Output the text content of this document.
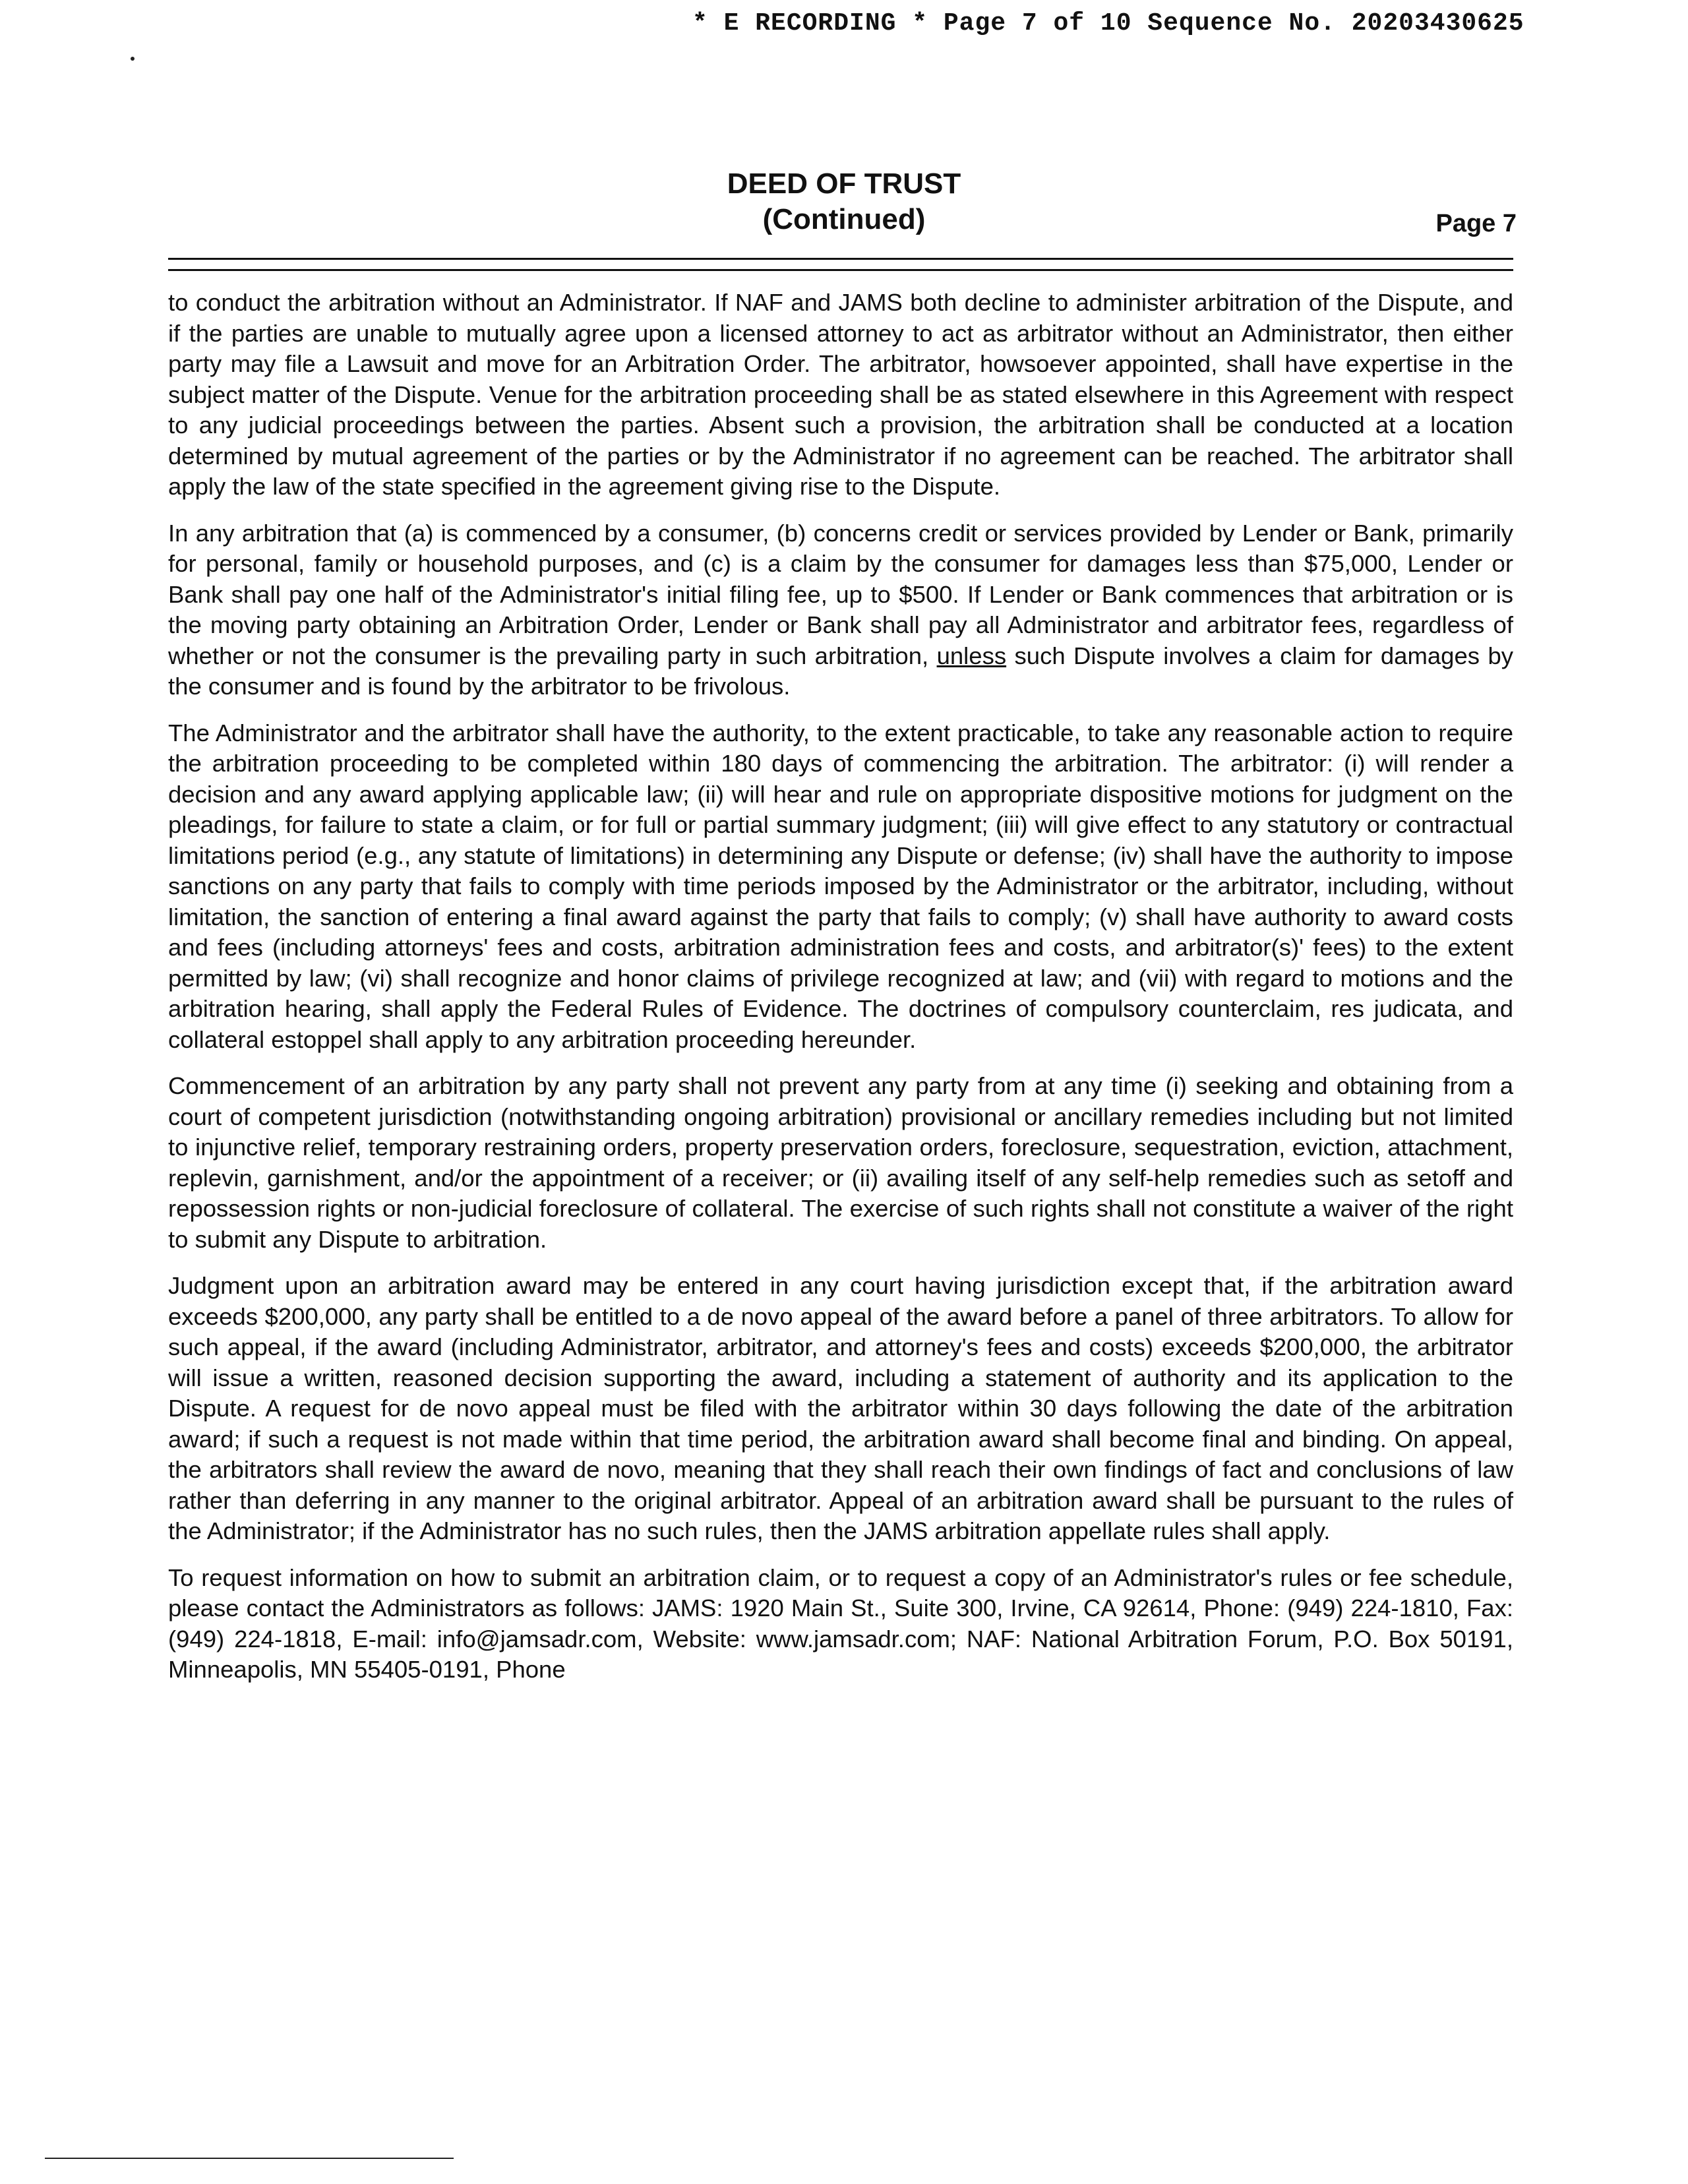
* E RECORDING * Page 7 of 10 Sequence No. 20203430625
DEED OF TRUST
(Continued)	Page 7

to conduct the arbitration without an Administrator. If NAF and JAMS both decline to administer arbitration of the Dispute, and if the parties are unable to mutually agree upon a licensed attorney to act as arbitrator without an Administrator, then either party may file a Lawsuit and move for an Arbitration Order. The arbitrator, howsoever appointed, shall have expertise in the subject matter of the Dispute. Venue for the arbitration proceeding shall be as stated elsewhere in this Agreement with respect to any judicial proceedings between the parties. Absent such a provision, the arbitration shall be conducted at a location determined by mutual agreement of the parties or by the Administrator if no agreement can be reached. The arbitrator shall apply the law of the state specified in the agreement giving rise to the Dispute.

In any arbitration that (a) is commenced by a consumer, (b) concerns credit or services provided by Lender or Bank, primarily for personal, family or household purposes, and (c) is a claim by the consumer for damages less than $75,000, Lender or Bank shall pay one half of the Administrator's initial filing fee, up to $500. If Lender or Bank commences that arbitration or is the moving party obtaining an Arbitration Order, Lender or Bank shall pay all Administrator and arbitrator fees, regardless of whether or not the consumer is the prevailing party in such arbitration, unless such Dispute involves a claim for damages by the consumer and is found by the arbitrator to be frivolous.

The Administrator and the arbitrator shall have the authority, to the extent practicable, to take any reasonable action to require the arbitration proceeding to be completed within 180 days of commencing the arbitration. The arbitrator: (i) will render a decision and any award applying applicable law; (ii) will hear and rule on appropriate dispositive motions for judgment on the pleadings, for failure to state a claim, or for full or partial summary judgment; (iii) will give effect to any statutory or contractual limitations period (e.g., any statute of limitations) in determining any Dispute or defense; (iv) shall have the authority to impose sanctions on any party that fails to comply with time periods imposed by the Administrator or the arbitrator, including, without limitation, the sanction of entering a final award against the party that fails to comply; (v) shall have authority to award costs and fees (including attorneys' fees and costs, arbitration administration fees and costs, and arbitrator(s)' fees) to the extent permitted by law; (vi) shall recognize and honor claims of privilege recognized at law; and (vii) with regard to motions and the arbitration hearing, shall apply the Federal Rules of Evidence. The doctrines of compulsory counterclaim, res judicata, and collateral estoppel shall apply to any arbitration proceeding hereunder.

Commencement of an arbitration by any party shall not prevent any party from at any time (i) seeking and obtaining from a court of competent jurisdiction (notwithstanding ongoing arbitration) provisional or ancillary remedies including but not limited to injunctive relief, temporary restraining orders, property preservation orders, foreclosure, sequestration, eviction, attachment, replevin, garnishment, and/or the appointment of a receiver; or (ii) availing itself of any self-help remedies such as setoff and repossession rights or non-judicial foreclosure of collateral. The exercise of such rights shall not constitute a waiver of the right to submit any Dispute to arbitration.

Judgment upon an arbitration award may be entered in any court having jurisdiction except that, if the arbitration award exceeds $200,000, any party shall be entitled to a de novo appeal of the award before a panel of three arbitrators. To allow for such appeal, if the award (including Administrator, arbitrator, and attorney's fees and costs) exceeds $200,000, the arbitrator will issue a written, reasoned decision supporting the award, including a statement of authority and its application to the Dispute. A request for de novo appeal must be filed with the arbitrator within 30 days following the date of the arbitration award; if such a request is not made within that time period, the arbitration award shall become final and binding. On appeal, the arbitrators shall review the award de novo, meaning that they shall reach their own findings of fact and conclusions of law rather than deferring in any manner to the original arbitrator. Appeal of an arbitration award shall be pursuant to the rules of the Administrator; if the Administrator has no such rules, then the JAMS arbitration appellate rules shall apply.

To request information on how to submit an arbitration claim, or to request a copy of an Administrator's rules or fee schedule, please contact the Administrators as follows: JAMS: 1920 Main St., Suite 300, Irvine, CA 92614, Phone: (949) 224-1810, Fax: (949) 224-1818, E-mail: info@jamsadr.com, Website: www.jamsadr.com; NAF: National Arbitration Forum, P.O. Box 50191, Minneapolis, MN 55405-0191, Phone
